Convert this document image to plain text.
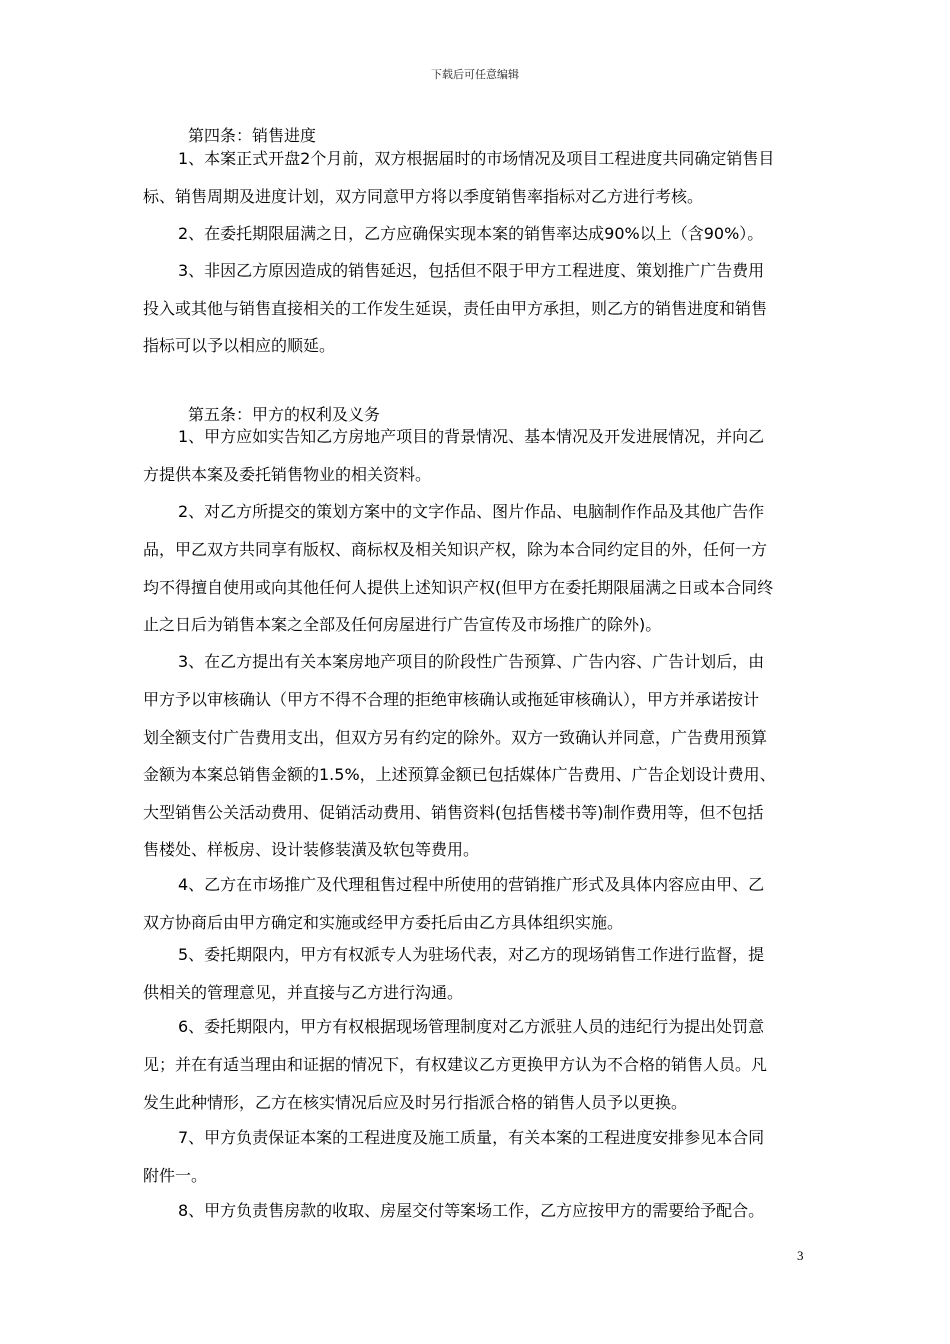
下载后可任意编辑
第四条：销售进度
1、本案正式开盘2个月前，双方根据届时的市场情况及项目工程进度共同确定销售目
标、销售周期及进度计划，双方同意甲方将以季度销售率指标对乙方进行考核。
2、在委托期限届满之日，乙方应确保实现本案的销售率达成90%以上（含90%）。
3、非因乙方原因造成的销售延迟，包括但不限于甲方工程进度、策划推广广告费用
投入或其他与销售直接相关的工作发生延误，责任由甲方承担，则乙方的销售进度和销售
指标可以予以相应的顺延。
第五条：甲方的权利及义务
1、甲方应如实告知乙方房地产项目的背景情况、基本情况及开发进展情况，并向乙
方提供本案及委托销售物业的相关资料。
2、对乙方所提交的策划方案中的文字作品、图片作品、电脑制作作品及其他广告作
品，甲乙双方共同享有版权、商标权及相关知识产权，除为本合同约定目的外，任何一方
均不得擅自使用或向其他任何人提供上述知识产权(但甲方在委托期限届满之日或本合同终
止之日后为销售本案之全部及任何房屋进行广告宣传及市场推广的除外)。
3、在乙方提出有关本案房地产项目的阶段性广告预算、广告内容、广告计划后，由
甲方予以审核确认（甲方不得不合理的拒绝审核确认或拖延审核确认），甲方并承诺按计
划全额支付广告费用支出，但双方另有约定的除外。双方一致确认并同意，广告费用预算
金额为本案总销售金额的1.5%，上述预算金额已包括媒体广告费用、广告企划设计费用、
大型销售公关活动费用、促销活动费用、销售资料(包括售楼书等)制作费用等，但不包括
售楼处、样板房、设计装修装潢及软包等费用。
4、乙方在市场推广及代理租售过程中所使用的营销推广形式及具体内容应由甲、乙
双方协商后由甲方确定和实施或经甲方委托后由乙方具体组织实施。
5、委托期限内，甲方有权派专人为驻场代表，对乙方的现场销售工作进行监督，提
供相关的管理意见，并直接与乙方进行沟通。
6、委托期限内，甲方有权根据现场管理制度对乙方派驻人员的违纪行为提出处罚意
见；并在有适当理由和证据的情况下，有权建议乙方更换甲方认为不合格的销售人员。凡
发生此种情形，乙方在核实情况后应及时另行指派合格的销售人员予以更换。
7、甲方负责保证本案的工程进度及施工质量，有关本案的工程进度安排参见本合同
附件一。
8、甲方负责售房款的收取、房屋交付等案场工作，乙方应按甲方的需要给予配合。
3
